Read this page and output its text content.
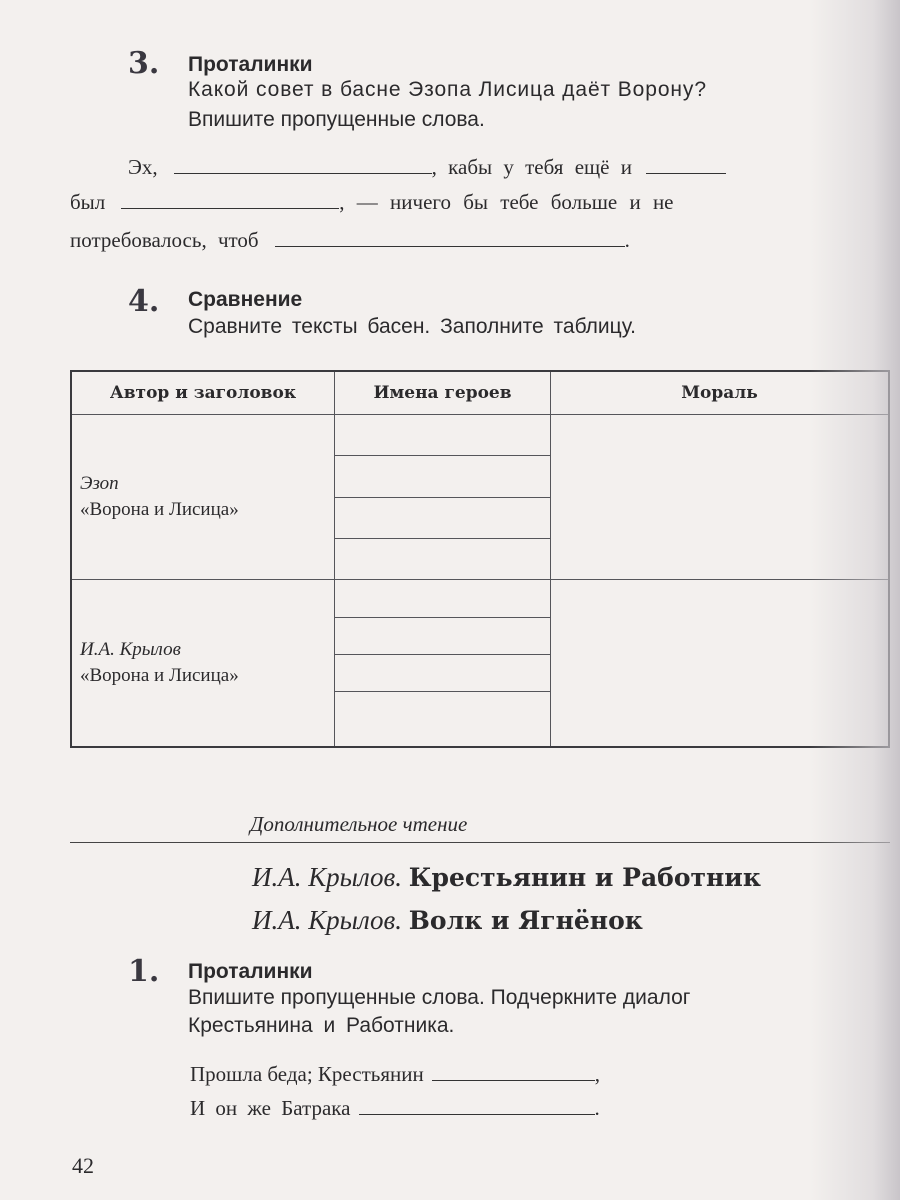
3. Проталинки
Какой совет в басне Эзопа Лисица даёт Ворону?
Впишите пропущенные слова.
Эх,	, кабы у тебя ещё и
был	, — ничего бы тебе больше и не
потребовалось, чтоб	.
4. Сравнение
Сравните тексты басен. Заполните таблицу.
Автор и заголовок	Имена героев	Мораль

Эзоп
«Ворона и Лисица»		

И.А. Крылов
«Ворона и Лисица»		

Дополнительное чтение
И.А. Крылов. Крестьянин и Работник
И.А. Крылов. Волк и Ягнёнок
1. Проталинки
Впишите пропущенные слова. Подчеркните диалог
Крестьянина и Работника.
Прошла беда; Крестьянин	,
И он же Батрака	.
42
